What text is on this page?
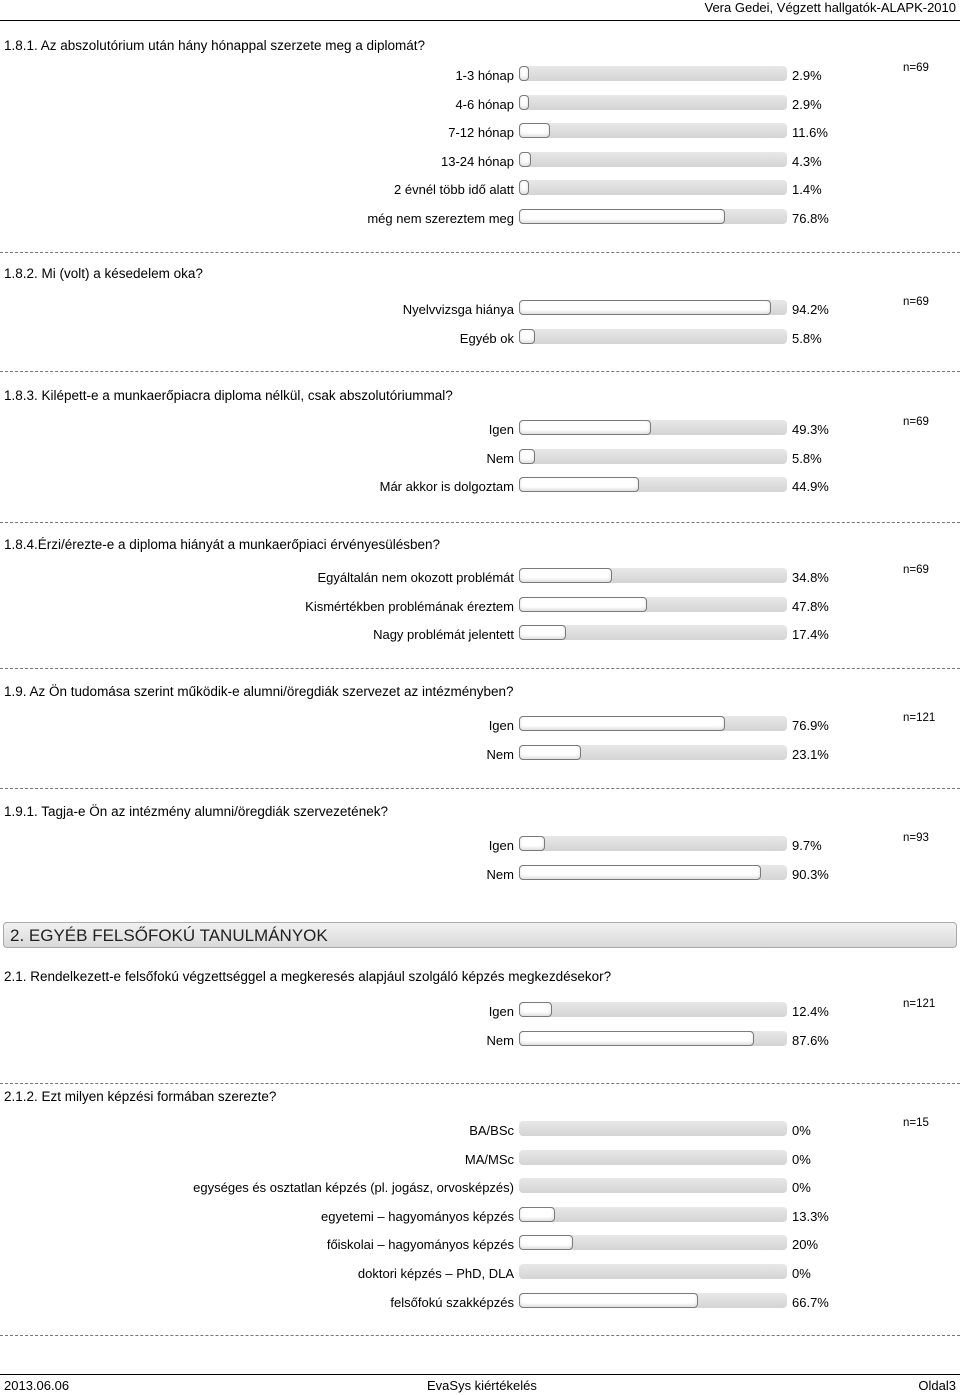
Vera Gedei, Végzett hallgatók-ALAPK-2010
1.8.1. Az abszolutórium után hány hónappal szerzete meg a diplomát?
n=69
1-3 hónap	2.9%
4-6 hónap	2.9%
7-12 hónap	11.6%
13-24 hónap	4.3%
2 évnél több idő alatt	1.4%
még nem szereztem meg	76.8%
1.8.2. Mi (volt) a késedelem oka?
n=69
Nyelvvizsga hiánya	94.2%
Egyéb ok	5.8%
1.8.3. Kilépett-e a munkaerőpiacra diploma nélkül, csak abszolutóriummal?
n=69
Igen	49.3%
Nem	5.8%
Már akkor is dolgoztam	44.9%
1.8.4.Érzi/érezte-e a diploma hiányát a munkaerőpiaci érvényesülésben?
n=69
Egyáltalán nem okozott problémát	34.8%
Kismértékben problémának éreztem	47.8%
Nagy problémát jelentett	17.4%
1.9. Az Ön tudomása szerint működik-e alumni/öregdiák szervezet az intézményben?
n=121
Igen	76.9%
Nem	23.1%
1.9.1. Tagja-e Ön az intézmény alumni/öregdiák szervezetének?
n=93
Igen	9.7%
Nem	90.3%
2.1. Rendelkezett-e felsőfokú végzettséggel a megkeresés alapjául szolgáló képzés megkezdésekor?
n=121
Igen	12.4%
Nem	87.6%
2.1.2. Ezt milyen képzési formában szerezte?
n=15
BA/BSc	0%
MA/MSc	0%
egységes és osztatlan képzés (pl. jogász, orvosképzés)	0%
egyetemi – hagyományos képzés	13.3%
főiskolai – hagyományos képzés	20%
doktori képzés – PhD, DLA	0%
felsőfokú szakképzés	66.7%
2. EGYÉB FELSŐFOKÚ TANULMÁNYOK
2013.06.06	EvaSys kiértékelés	Oldal3
